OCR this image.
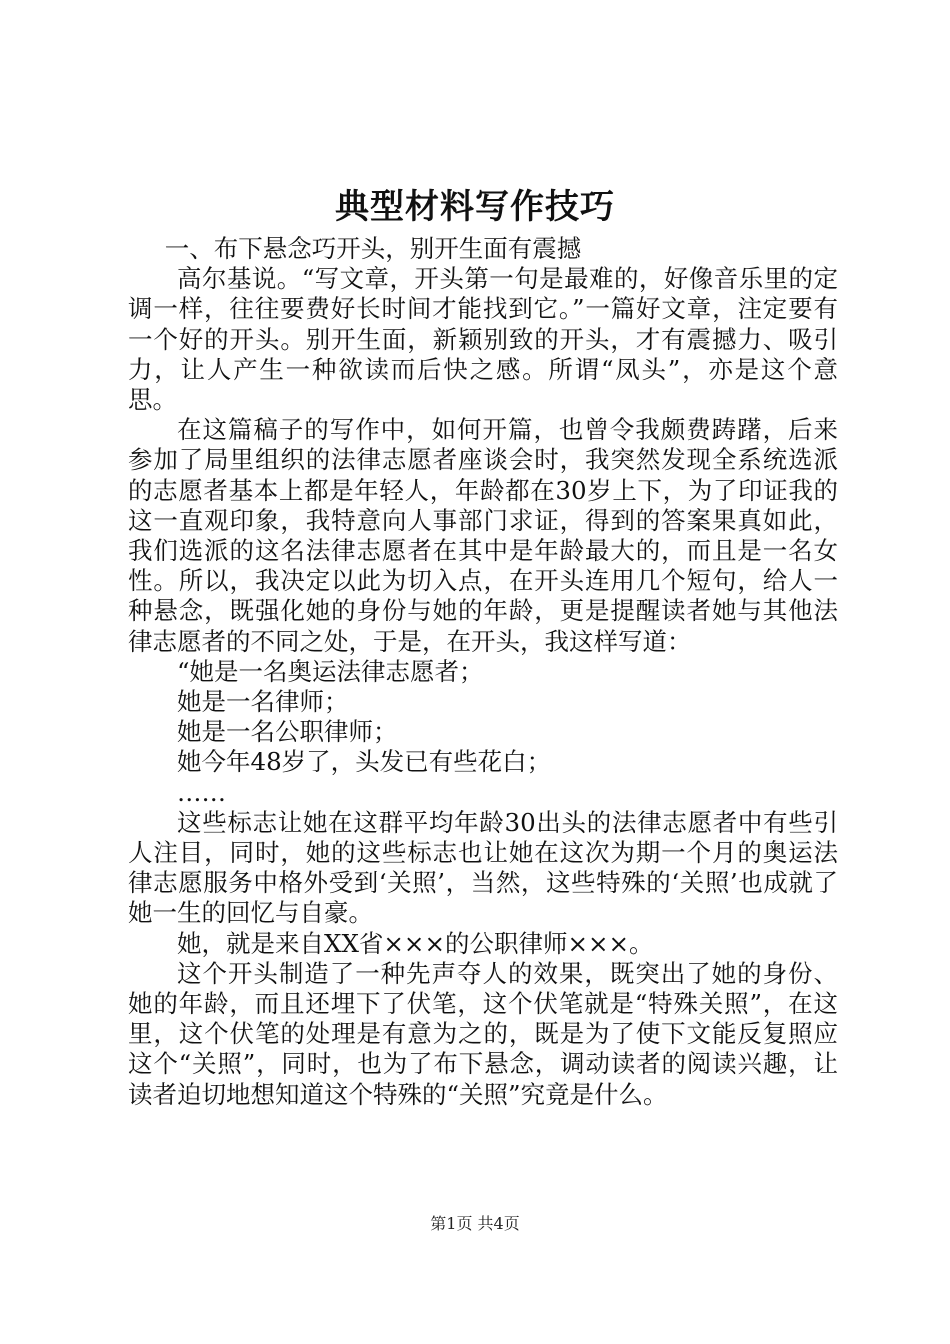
典型材料写作技巧

一、布下悬念巧开头，别开生面有震撼

高尔基说。“写文章，开头第一句是最难的，好像音乐里的定调一样，往往要费好长时间才能找到它。”一篇好文章，注定要有一个好的开头。别开生面，新颖别致的开头，才有震撼力、吸引力，让人产生一种欲读而后快之感。所谓“凤头”，亦是这个意思。

在这篇稿子的写作中，如何开篇，也曾令我颇费踌躇，后来参加了局里组织的法律志愿者座谈会时，我突然发现全系统选派的志愿者基本上都是年轻人，年龄都在30岁上下，为了印证我的这一直观印象，我特意向人事部门求证，得到的答案果真如此，我们选派的这名法律志愿者在其中是年龄最大的，而且是一名女性。所以，我决定以此为切入点，在开头连用几个短句，给人一种悬念，既强化她的身份与她的年龄，更是提醒读者她与其他法律志愿者的不同之处，于是，在开头，我这样写道：

“她是一名奥运法律志愿者；

她是一名律师；

她是一名公职律师；

她今年48岁了，头发已有些花白；

……

这些标志让她在这群平均年龄30出头的法律志愿者中有些引人注目，同时，她的这些标志也让她在这次为期一个月的奥运法律志愿服务中格外受到‘关照’，当然，这些特殊的‘关照’也成就了她一生的回忆与自豪。

她，就是来自XX省×××的公职律师×××。

这个开头制造了一种先声夺人的效果，既突出了她的身份、她的年龄，而且还埋下了伏笔，这个伏笔就是“特殊关照”，在这里，这个伏笔的处理是有意为之的，既是为了使下文能反复照应这个“关照”，同时，也为了布下悬念，调动读者的阅读兴趣，让读者迫切地想知道这个特殊的“关照”究竟是什么。

第1页 共4页
